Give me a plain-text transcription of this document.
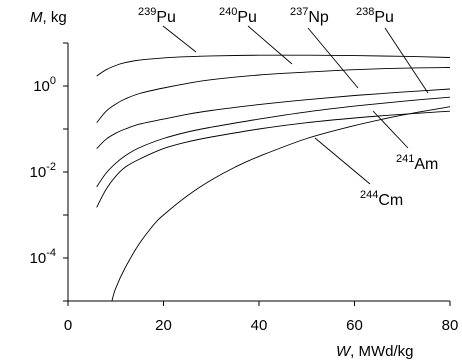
0	20	40	60	80
$10^0$
$10^{-2}$
$10^{-4}$
$^{239}$Pu	$^{240}$Pu	$^{237}$Np $^{238}$Pu
$^{241}$Am
$^{244}$Cm
M, kg
W, MWd/kg
